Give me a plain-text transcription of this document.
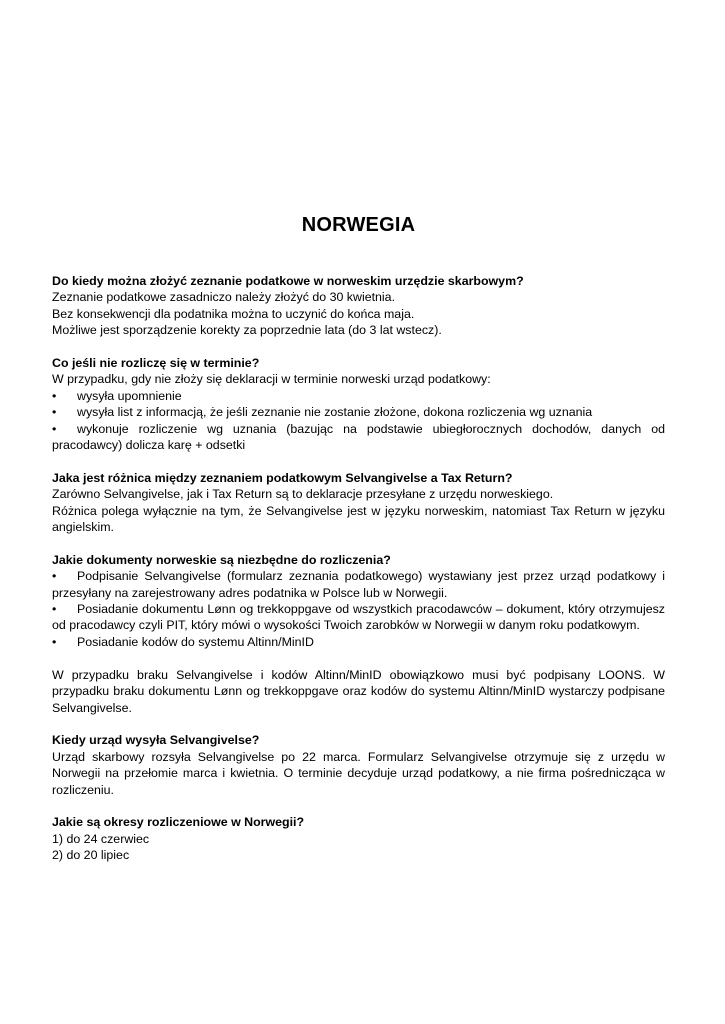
NORWEGIA

Do kiedy można złożyć zeznanie podatkowe w norweskim urzędzie skarbowym?

Zeznanie podatkowe zasadniczo należy złożyć do 30 kwietnia.

Bez konsekwencji dla podatnika można to uczynić do końca maja.

Możliwe jest sporządzenie korekty za poprzednie lata (do 3 lat wstecz).

Co jeśli nie rozliczę się w terminie?

W przypadku, gdy nie złoży się deklaracji w terminie norweski urząd podatkowy:

• wysyła upomnienie
• wysyła list z informacją, że jeśli zeznanie nie zostanie złożone, dokona rozliczenia wg uznania
• wykonuje rozliczenie wg uznania (bazując na podstawie ubiegłorocznych dochodów, danych od pracodawcy) dolicza karę + odsetki

Jaka jest różnica między zeznaniem podatkowym Selvangivelse a Tax Return?

Zarówno Selvangivelse, jak i Tax Return są to deklaracje przesyłane z urzędu norweskiego.

Różnica polega wyłącznie na tym, że Selvangivelse jest w języku norweskim, natomiast Tax Return w języku angielskim.

Jakie dokumenty norweskie są niezbędne do rozliczenia?

• Podpisanie Selvangivelse (formularz zeznania podatkowego) wystawiany jest przez urząd podatkowy i przesyłany na zarejestrowany adres podatnika w Polsce lub w Norwegii.
• Posiadanie dokumentu Lønn og trekkoppgave od wszystkich pracodawców – dokument, który otrzymujesz od pracodawcy czyli PIT, który mówi o wysokości Twoich zarobków w Norwegii w danym roku podatkowym.
• Posiadanie kodów do systemu Altinn/MinID

W przypadku braku Selvangivelse i kodów Altinn/MinID obowiązkowo musi być podpisany LOONS. W przypadku braku dokumentu Lønn og trekkoppgave oraz kodów do systemu Altinn/MinID wystarczy podpisane Selvangivelse.

Kiedy urząd wysyła Selvangivelse?

Urząd skarbowy rozsyła Selvangivelse po 22 marca. Formularz Selvangivelse otrzymuje się z urzędu w Norwegii na przełomie marca i kwietnia. O terminie decyduje urząd podatkowy, a nie firma pośrednicząca w rozliczeniu.

Jakie są okresy rozliczeniowe w Norwegii?

1) do 24 czerwiec

2) do 20 lipiec
